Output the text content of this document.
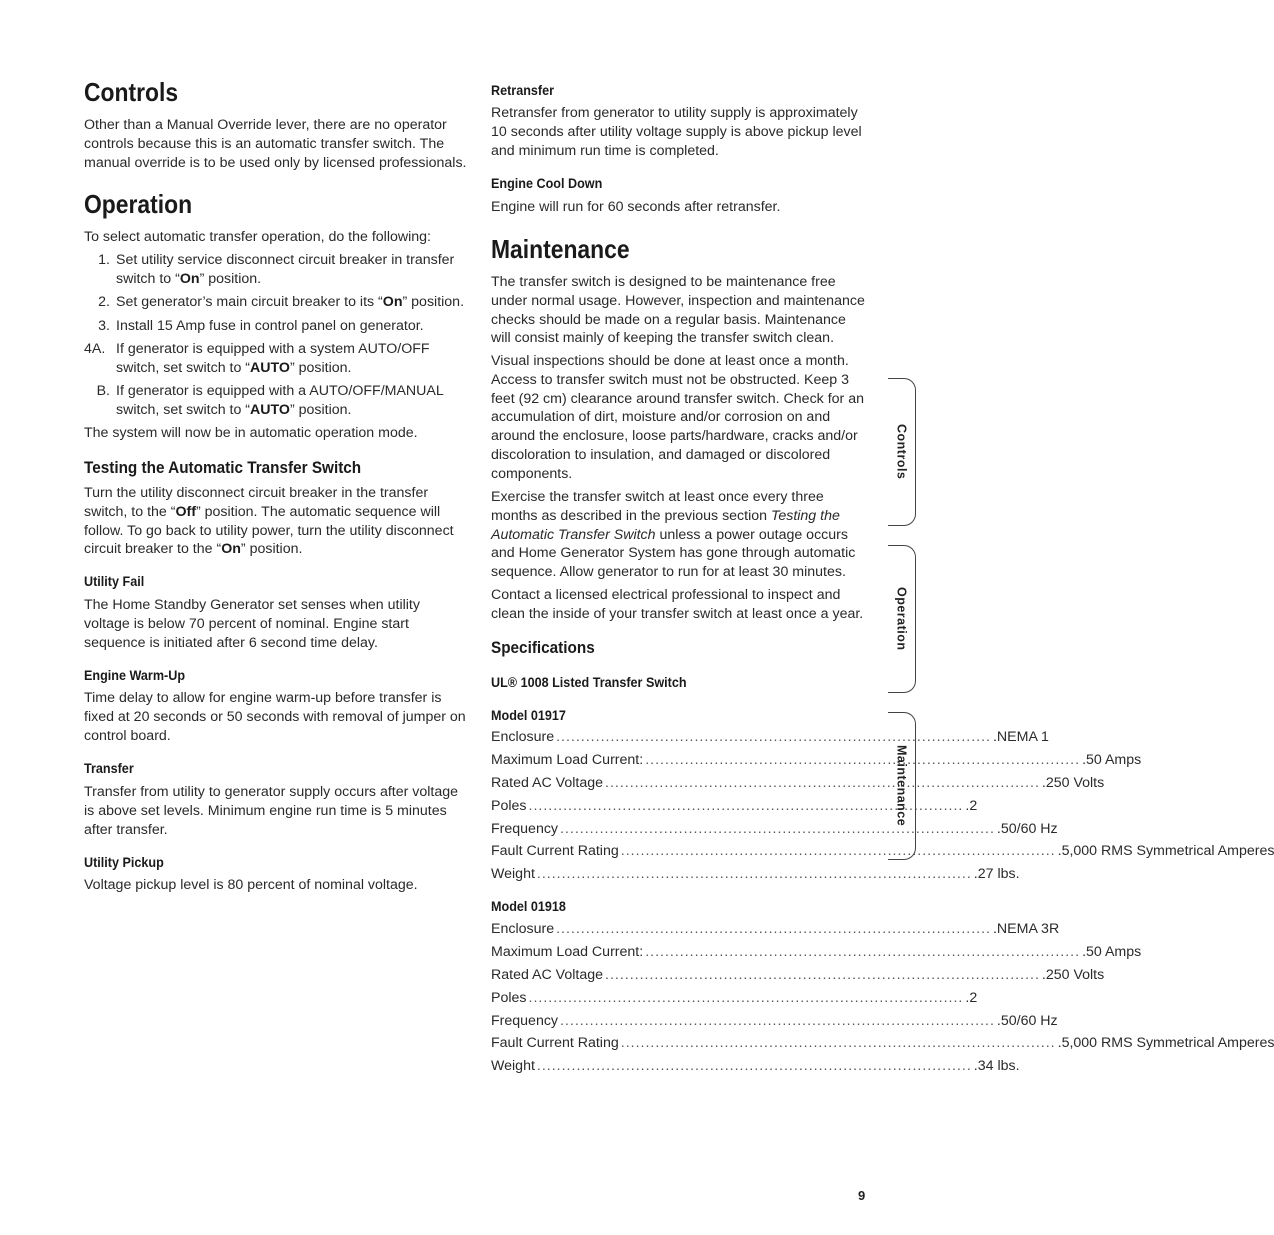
Controls

Other than a Manual Override lever, there are no operator controls because this is an automatic transfer switch. The manual override is to be used only by licensed professionals.

Operation

To select automatic transfer operation, do the following:

1. Set utility service disconnect circuit breaker in transfer switch to “On” position.
2. Set generator’s main circuit breaker to its “On” position.
3. Install 15 Amp fuse in control panel on generator.
4A. If generator is equipped with a system AUTO/OFF switch, set switch to “AUTO” position.
B. If generator is equipped with a AUTO/OFF/MANUAL switch, set switch to “AUTO” position.

The system will now be in automatic operation mode.

Testing the Automatic Transfer Switch

Turn the utility disconnect circuit breaker in the transfer switch, to the “Off” position. The automatic sequence will follow. To go back to utility power, turn the utility disconnect circuit breaker to the “On” position.

Utility Fail

The Home Standby Generator set senses when utility voltage is below 70 percent of nominal. Engine start sequence is initiated after 6 second time delay.

Engine Warm-Up

Time delay to allow for engine warm-up before transfer is fixed at 20 seconds or 50 seconds with removal of jumper on control board.

Transfer

Transfer from utility to generator supply occurs after voltage is above set levels. Minimum engine run time is 5 minutes after transfer.

Utility Pickup

Voltage pickup level is 80 percent of nominal voltage.

Retransfer

Retransfer from generator to utility supply is approximately 10 seconds after utility voltage supply is above pickup level and minimum run time is completed.

Engine Cool Down

Engine will run for 60 seconds after retransfer.

Maintenance

The transfer switch is designed to be maintenance free under normal usage. However, inspection and maintenance checks should be made on a regular basis. Maintenance will consist mainly of keeping the transfer switch clean.

Visual inspections should be done at least once a month. Access to transfer switch must not be obstructed. Keep 3 feet (92 cm) clearance around transfer switch. Check for an accumulation of dirt, moisture and/or corrosion on and around the enclosure, loose parts/hardware, cracks and/or discoloration to insulation, and damaged or discolored components.

Exercise the transfer switch at least once every three months as described in the previous section Testing the Automatic Transfer Switch unless a power outage occurs and Home Generator System has gone through automatic sequence. Allow generator to run for at least 30 minutes.

Contact a licensed electrical professional to inspect and clean the inside of your transfer switch at least once a year.

Specifications
UL® 1008 Listed Transfer Switch
Model 01917
Enclosure ........................................................................................ .NEMA 1
Maximum Load Current: ........................................................................................ .50 Amps
Rated AC Voltage ........................................................................................ .250 Volts
Poles ........................................................................................ .2
Frequency ........................................................................................ .50/60 Hz
Fault Current Rating ........................................................................................ .5,000 RMS Symmetrical Amperes
Weight ........................................................................................ .27 lbs.
Model 01918
Enclosure ........................................................................................ .NEMA 3R
Maximum Load Current: ........................................................................................ .50 Amps
Rated AC Voltage ........................................................................................ .250 Volts
Poles ........................................................................................ .2
Frequency ........................................................................................ .50/60 Hz
Fault Current Rating ........................................................................................ .5,000 RMS Symmetrical Amperes
Weight ........................................................................................ .34 lbs.
Controls
Operation
Maintenance
9
